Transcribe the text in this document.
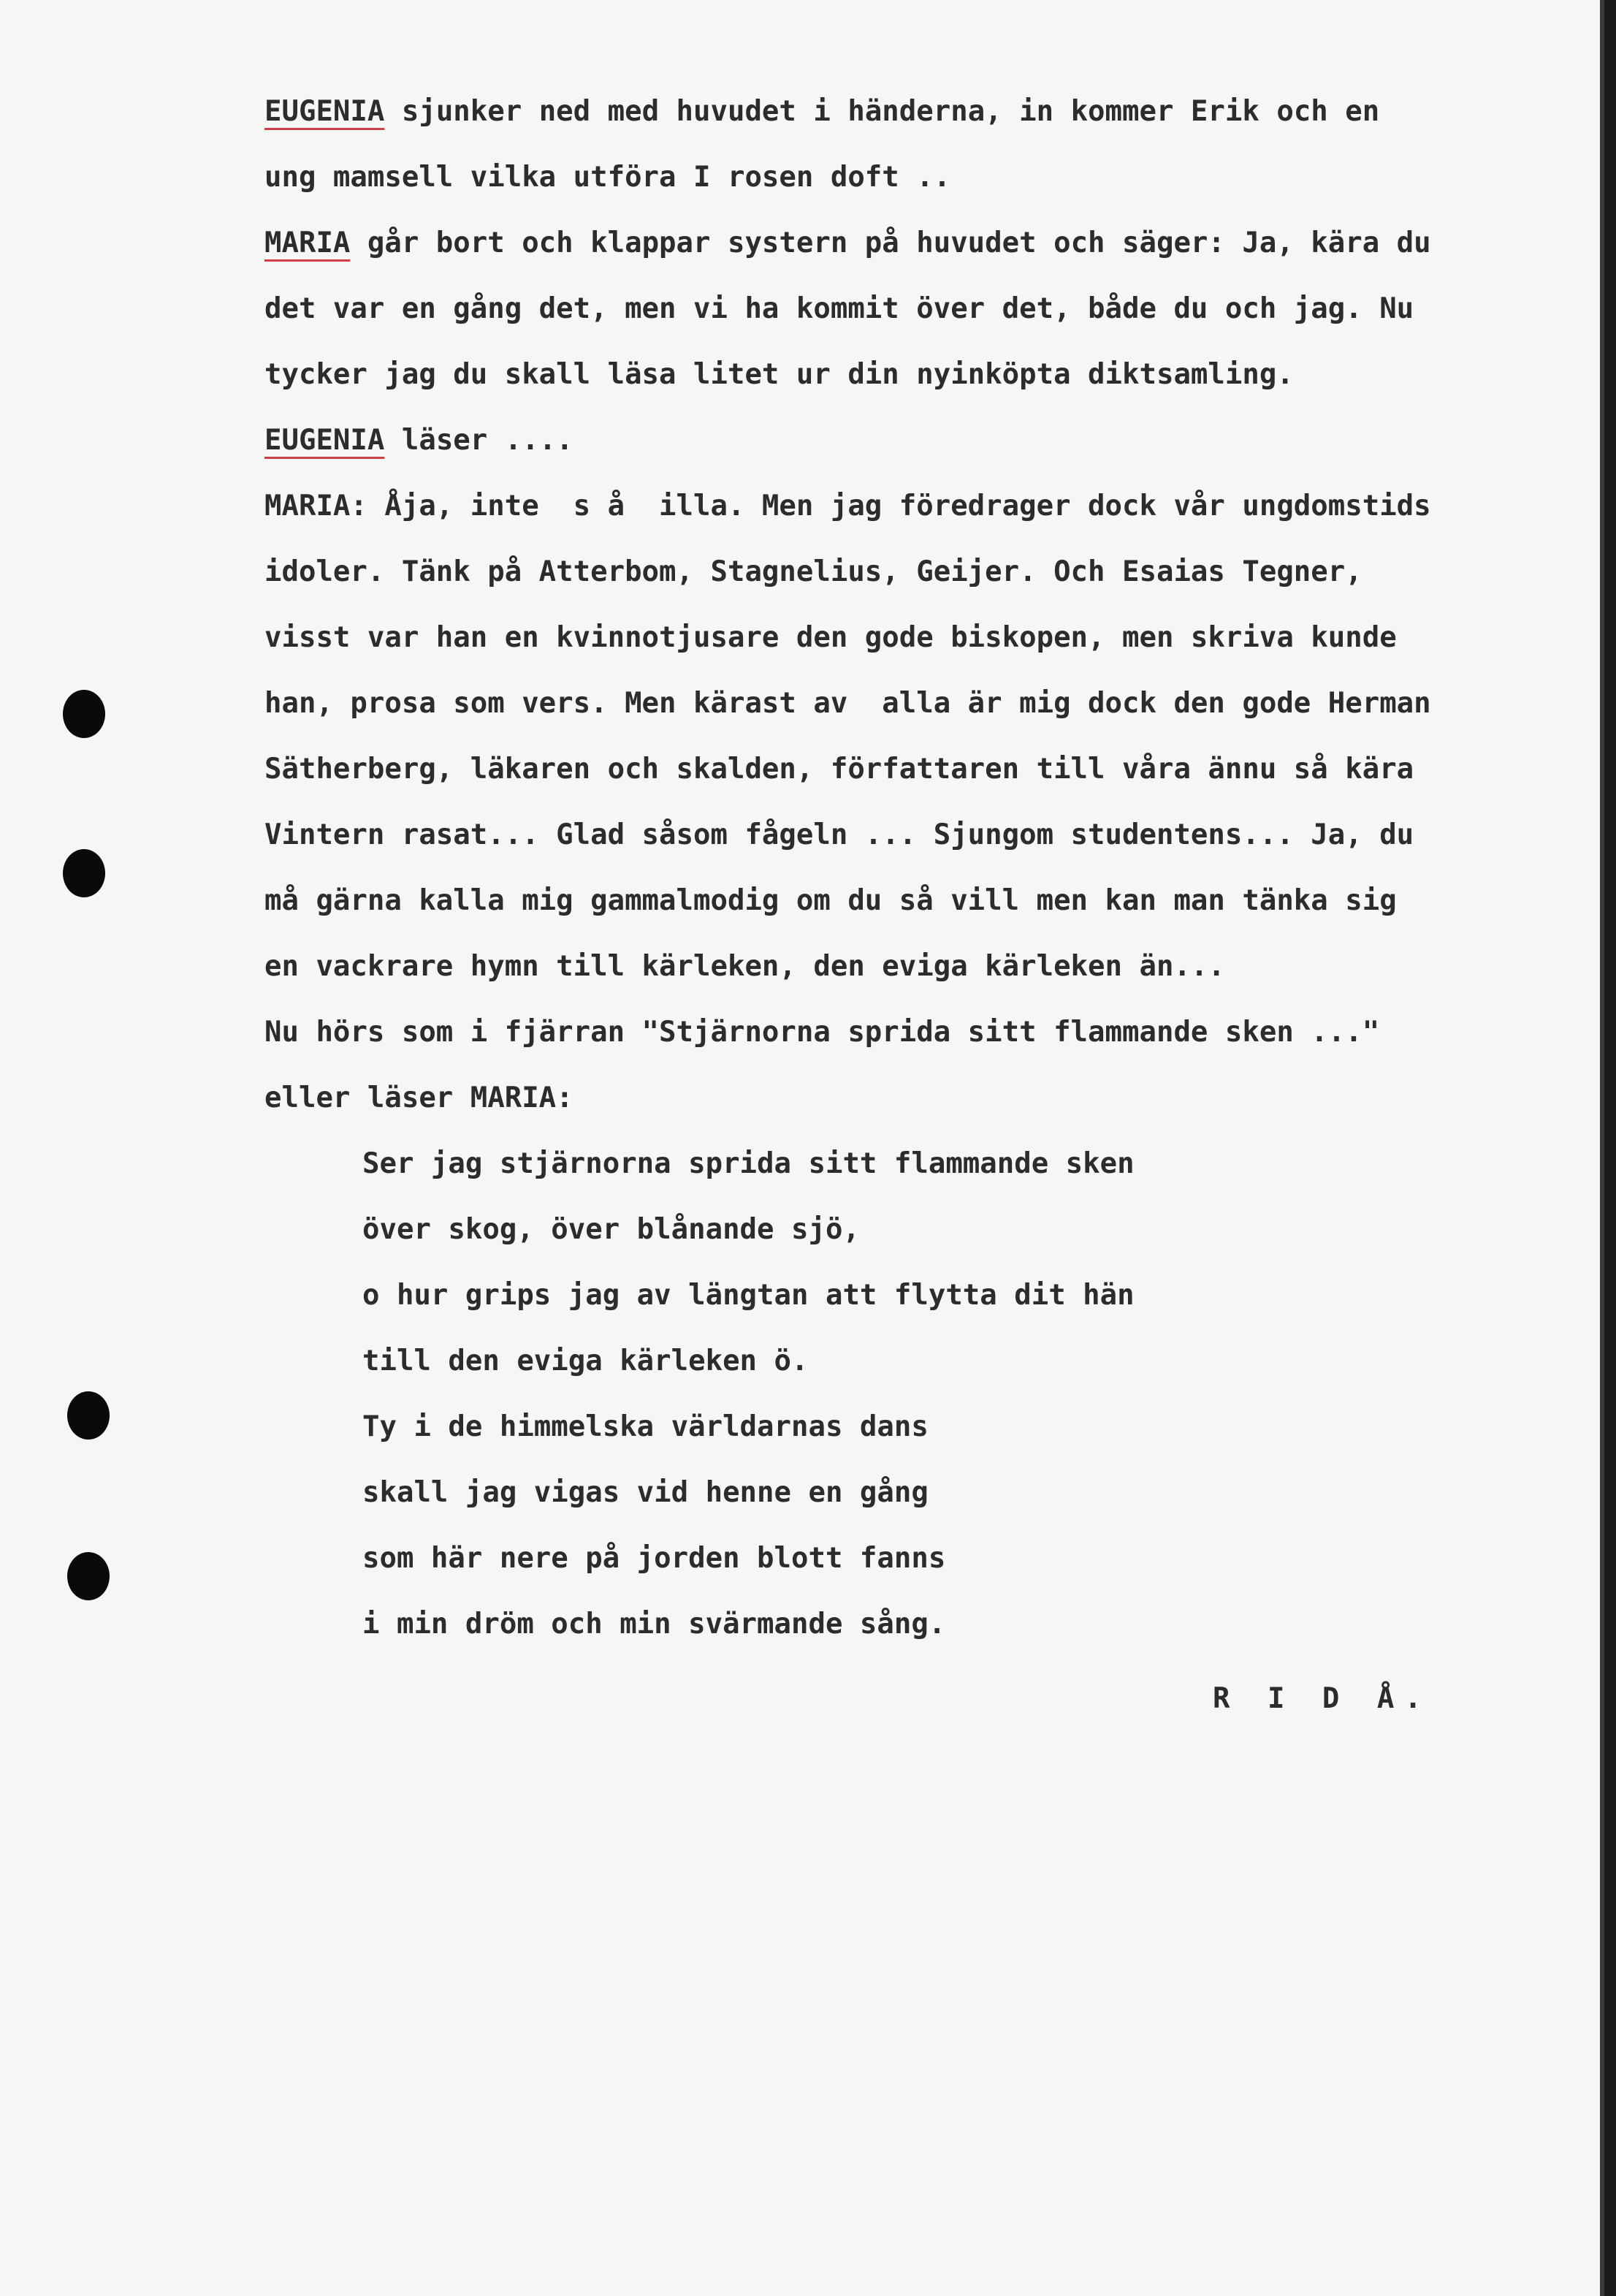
EUGENIA sjunker ned med huvudet i händerna, in kommer Erik och en
ung mamsell vilka utföra I rosen doft ..
MARIA går bort och klappar systern på huvudet och säger: Ja, kära du
det var en gång det, men vi ha kommit över det, både du och jag. Nu
tycker jag du skall läsa litet ur din nyinköpta diktsamling.
EUGENIA läser ....
MARIA: Åja, inte  s å  illa. Men jag föredrager dock vår ungdomstids
idoler. Tänk på Atterbom, Stagnelius, Geijer. Och Esaias Tegner,
visst var han en kvinnotjusare den gode biskopen, men skriva kunde
han, prosa som vers. Men kärast av  alla är mig dock den gode Herman
Sätherberg, läkaren och skalden, författaren till våra ännu så kära
Vintern rasat... Glad såsom fågeln ... Sjungom studentens... Ja, du
må gärna kalla mig gammalmodig om du så vill men kan man tänka sig
en vackrare hymn till kärleken, den eviga kärleken än...
Nu hörs som i fjärran "Stjärnorna sprida sitt flammande sken ..."
eller läser MARIA:
Ser jag stjärnorna sprida sitt flammande sken
över skog, över blånande sjö,
o hur grips jag av längtan att flytta dit hän
till den eviga kärleken ö.
Ty i de himmelska världarnas dans
skall jag vigas vid henne en gång
som här nere på jorden blott fanns
i min dröm och min svärmande sång.
R I D Å.
